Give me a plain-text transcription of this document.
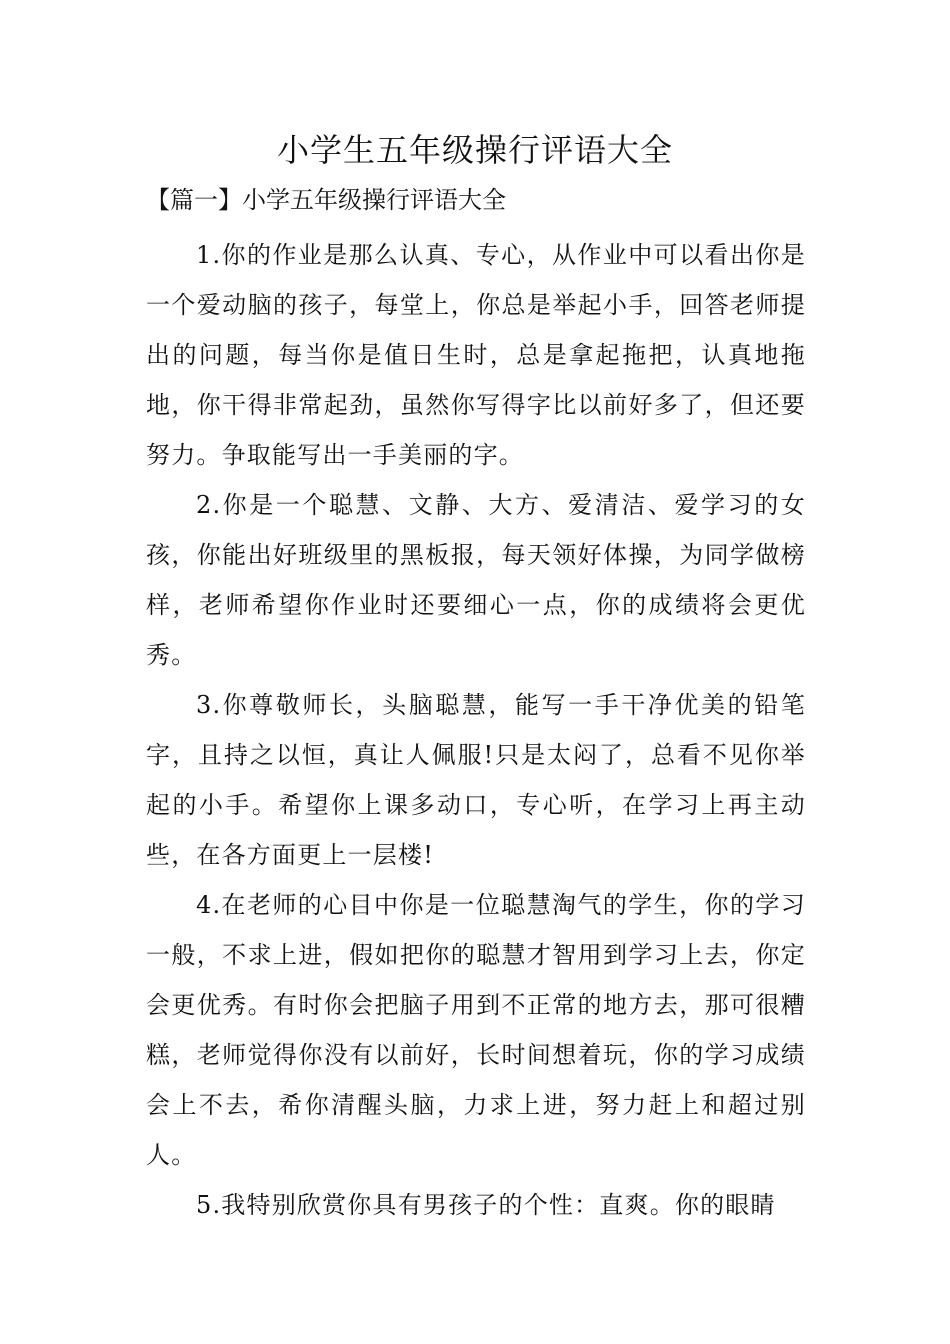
小学生五年级操行评语大全

【篇一】小学五年级操行评语大全

1.你的作业是那么认真、专心，从作业中可以看出你是一个爱动脑的孩子，每堂上，你总是举起小手，回答老师提出的问题，每当你是值日生时，总是拿起拖把，认真地拖地，你干得非常起劲，虽然你写得字比以前好多了，但还要努力。争取能写出一手美丽的字。

2.你是一个聪慧、文静、大方、爱清洁、爱学习的女孩，你能出好班级里的黑板报，每天领好体操，为同学做榜样，老师希望你作业时还要细心一点，你的成绩将会更优秀。

3.你尊敬师长，头脑聪慧，能写一手干净优美的铅笔字，且持之以恒，真让人佩服!只是太闷了，总看不见你举起的小手。希望你上课多动口，专心听，在学习上再主动些，在各方面更上一层楼!

4.在老师的心目中你是一位聪慧淘气的学生，你的学习一般，不求上进，假如把你的聪慧才智用到学习上去，你定会更优秀。有时你会把脑子用到不正常的地方去，那可很糟糕，老师觉得你没有以前好，长时间想着玩，你的学习成绩会上不去，希你清醒头脑，力求上进，努力赶上和超过别人。

5.我特别欣赏你具有男孩子的个性：直爽。你的眼睛
